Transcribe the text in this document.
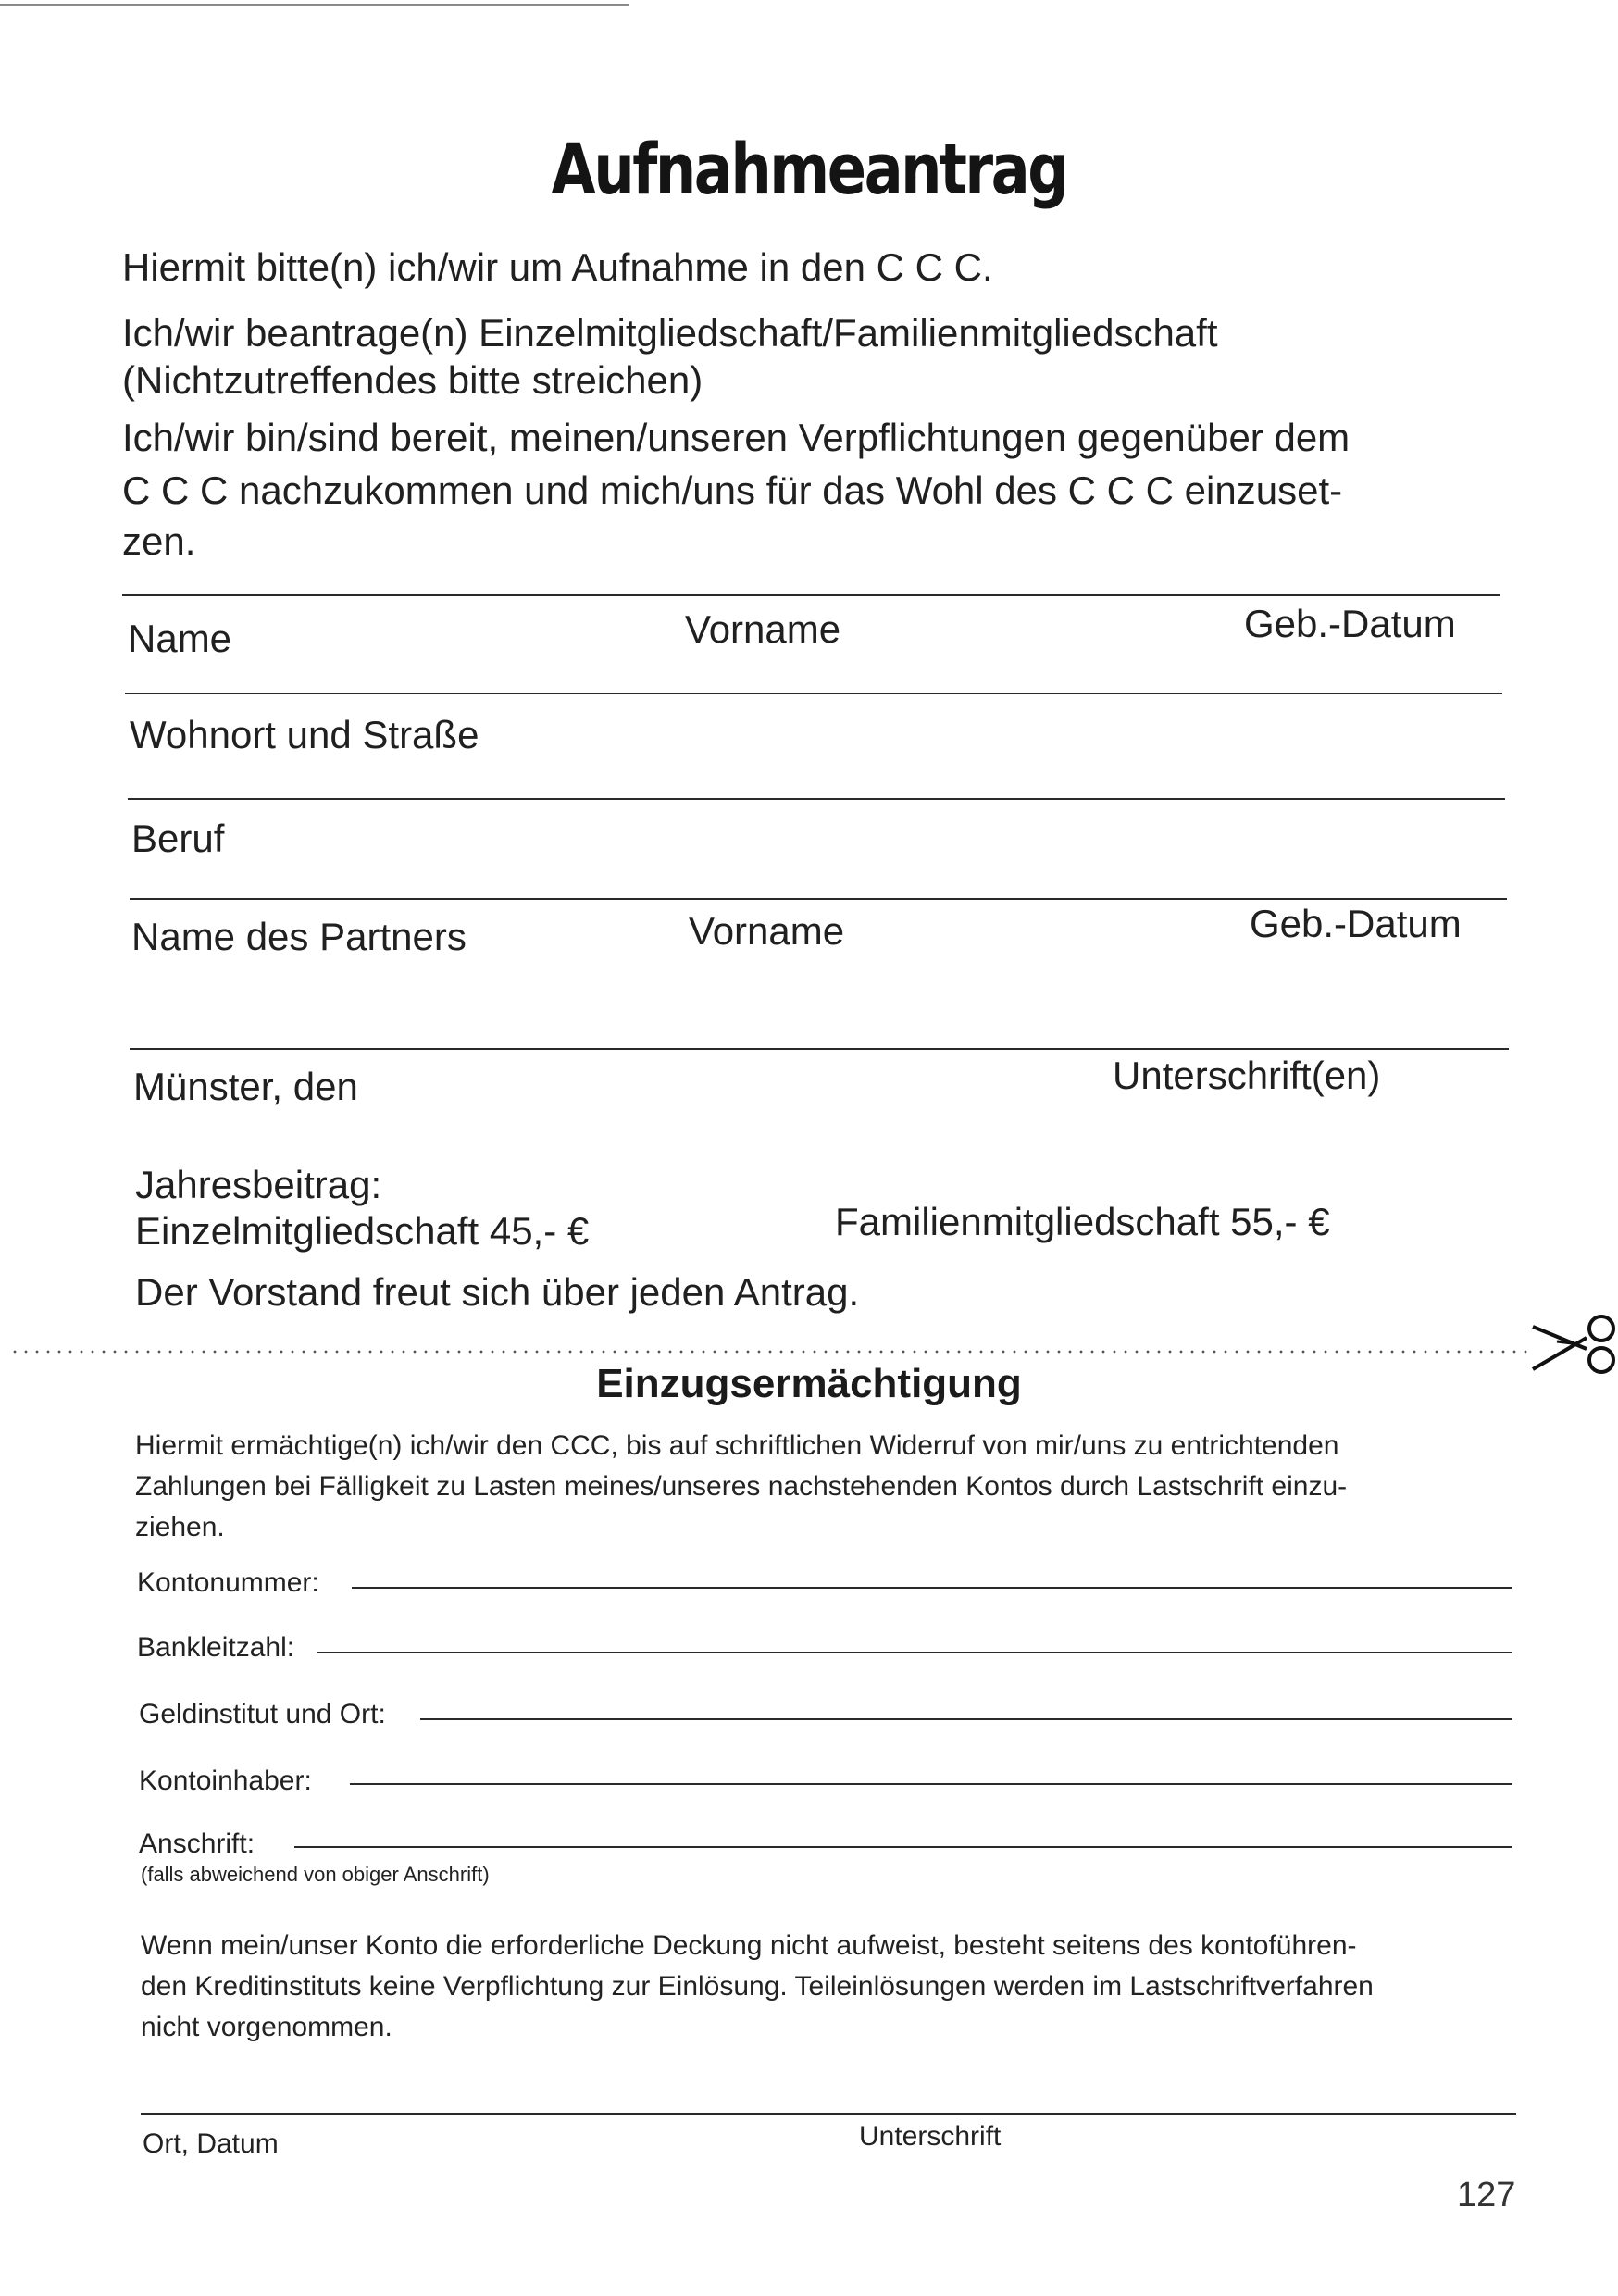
Aufnahmeantrag
Hiermit bitte(n) ich/wir um Aufnahme in den C C C.
Ich/wir beantrage(n) Einzelmitgliedschaft/Familienmitgliedschaft
(Nichtzutreffendes bitte streichen)
Ich/wir bin/sind bereit, meinen/unseren Verpflichtungen gegenüber dem
C C C nachzukommen und mich/uns für das Wohl des C C C einzuset-
zen.
Name	Vorname	Geb.-Datum
Wohnort und Straße
Beruf
Name des Partners	Vorname	Geb.-Datum
Münster, den	Unterschrift(en)
Jahresbeitrag:
Einzelmitgliedschaft 45,- €	Familienmitgliedschaft 55,- €
Der Vorstand freut sich über jeden Antrag.
Einzugsermächtigung
Hiermit ermächtige(n) ich/wir den CCC, bis auf schriftlichen Widerruf von mir/uns zu entrichtenden
Zahlungen bei Fälligkeit zu Lasten meines/unseres nachstehenden Kontos durch Lastschrift einzu-
ziehen.
Kontonummer:
Bankleitzahl:
Geldinstitut und Ort:
Kontoinhaber:
Anschrift:
(falls abweichend von obiger Anschrift)
Wenn mein/unser Konto die erforderliche Deckung nicht aufweist, besteht seitens des kontoführen-
den Kreditinstituts keine Verpflichtung zur Einlösung. Teileinlösungen werden im Lastschriftverfahren
nicht vorgenommen.
Ort, Datum	Unterschrift
127
